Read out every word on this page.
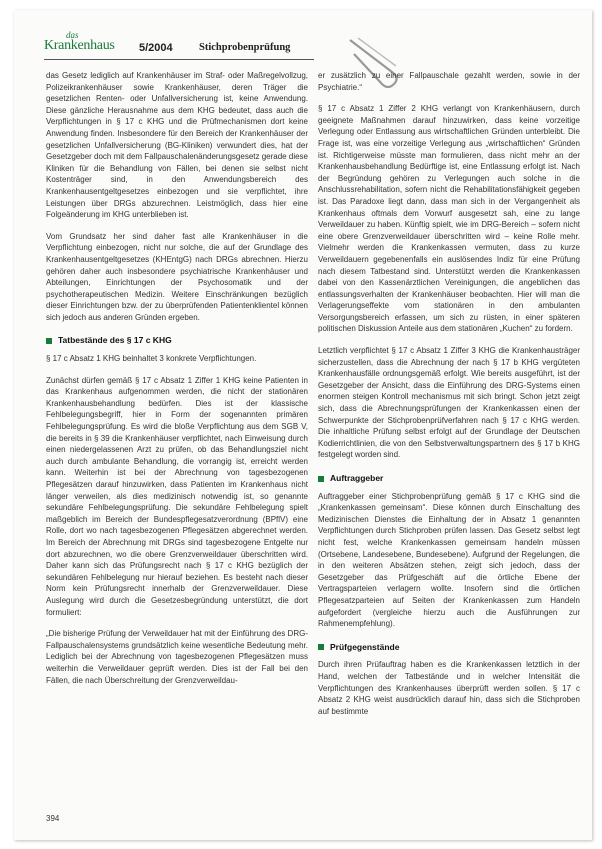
das
Krankenhaus 5/2004	Stichprobenprüfung

das Gesetz lediglich auf Krankenhäuser im Straf- oder Maßregelvollzug, Polizeikrankenhäuser sowie Krankenhäuser, deren Träger die gesetzlichen Renten- oder Unfallversicherung ist, keine Anwendung. Diese gänzliche Herausnahme aus dem KHG bedeutet, dass auch die Verpflichtungen in § 17 c KHG und die Prüfmechanismen dort keine Anwendung finden. Insbesondere für den Bereich der Krankenhäuser der gesetzlichen Unfallversicherung (BG-Kliniken) verwundert dies, hat der Gesetzgeber doch mit dem Fallpauschalenänderungsgesetz gerade diese Kliniken für die Behandlung von Fällen, bei denen sie selbst nicht Kostenträger sind, in den Anwendungsbereich des Krankenhausentgeltgesetzes einbezogen und sie verpflichtet, ihre Leistungen über DRGs abzurechnen. Leistmöglich, dass hier eine Folgeänderung im KHG unterblieben ist.

Vom Grundsatz her sind daher fast alle Krankenhäuser in die Verpflichtung einbezogen, nicht nur solche, die auf der Grundlage des Krankenhausentgeltgesetzes (KHEntgG) nach DRGs abrechnen. Hierzu gehören daher auch insbesondere psychiatrische Krankenhäuser und Abteilungen, Einrichtungen der Psychosomatik und der psychotherapeutischen Medizin. Weitere Einschränkungen bezüglich dieser Einrichtungen bzw. der zu überprüfenden Patientenklientel können sich jedoch aus anderen Gründen ergeben.

Tatbestände des § 17 c KHG

§ 17 c Absatz 1 KHG beinhaltet 3 konkrete Verpflichtungen.

Zunächst dürfen gemäß § 17 c Absatz 1 Ziffer 1 KHG keine Patienten in das Krankenhaus aufgenommen werden, die nicht der stationären Krankenhausbehandlung bedürfen. Dies ist der klassische Fehlbelegungsbegriff, hier in Form der sogenannten primären Fehlbelegungsprüfung. Es wird die bloße Verpflichtung aus dem SGB V, die bereits in § 39 die Krankenhäuser verpflichtet, nach Einweisung durch einen niedergelassenen Arzt zu prüfen, ob das Behandlungsziel nicht auch durch ambulante Behandlung, die vorrangig ist, erreicht werden kann. Weiterhin ist bei der Abrechnung von tagesbezogenen Pflegesätzen darauf hinzuwirken, dass Patienten im Krankenhaus nicht länger verweilen, als dies medizinisch notwendig ist, so genannte sekundäre Fehlbelegungsprüfung. Die sekundäre Fehlbelegung spielt maßgeblich im Bereich der Bundespflegesatzverordnung (BPflV) eine Rolle, dort wo nach tagesbezogenen Pflegesätzen abgerechnet werden. Im Bereich der Abrechnung mit DRGs sind tagesbezogene Entgelte nur dort abzurechnen, wo die obere Grenzverweildauer überschritten wird. Daher kann sich das Prüfungsrecht nach § 17 c KHG bezüglich der sekundären Fehlbelegung nur hierauf beziehen. Es besteht nach dieser Norm kein Prüfungsrecht innerhalb der Grenzverweildauer. Diese Auslegung wird durch die Gesetzesbegründung unterstützt, die dort formuliert:

„Die bisherige Prüfung der Verweildauer hat mit der Einführung des DRG-Fallpauschalensystems grundsätzlich keine wesentliche Bedeutung mehr. Lediglich bei der Abrechnung von tagesbezogenen Pflegesätzen muss weiterhin die Verweildauer geprüft werden. Dies ist der Fall bei den Fällen, die nach Überschreitung der Grenzverweildau-

er zusätzlich zu einer Fallpauschale gezahlt werden, sowie in der Psychiatrie.“

§ 17 c Absatz 1 Ziffer 2 KHG verlangt von Krankenhäusern, durch geeignete Maßnahmen darauf hinzuwirken, dass keine vorzeitige Verlegung oder Entlassung aus wirtschaftlichen Gründen unterbleibt. Die Frage ist, was eine vorzeitige Verlegung aus „wirtschaftlichen“ Gründen ist. Richtigerweise müsste man formulieren, dass nicht mehr an der Krankenhausbehandlung Bedürftige ist, eine Entlassung erfolgt ist. Nach der Begründung gehören zu Verlegungen auch solche in die Anschlussrehabilitation, sofern nicht die Rehabilitationsfähigkeit gegeben ist. Das Paradoxe liegt dann, dass man sich in der Vergangenheit als Krankenhaus oftmals dem Vorwurf ausgesetzt sah, eine zu lange Verweildauer zu haben. Künftig spielt, wie im DRG-Bereich – sofern nicht eine obere Grenzverweildauer überschritten wird – keine Rolle mehr. Vielmehr werden die Krankenkassen vermuten, dass zu kurze Verweildauern gegebenenfalls ein auslösendes Indiz für eine Prüfung nach diesem Tatbestand sind. Unterstützt werden die Krankenkassen dabei von den Kassenärztlichen Vereinigungen, die angeblichen das entlassungsverhalten der Krankenhäuser beobachten. Hier will man die Verlagerungseffekte vom stationären in den ambulanten Versorgungsbereich erfassen, um sich zu rüsten, in einer späteren politischen Diskussion Anteile aus dem stationären „Kuchen“ zu fordern.

Letztlich verpflichtet § 17 c Absatz 1 Ziffer 3 KHG die Krankenhausträger sicherzustellen, dass die Abrechnung der nach § 17 b KHG vergüteten Krankenhausfälle ordnungsgemäß erfolgt. Wie bereits ausgeführt, ist der Gesetzgeber der Ansicht, dass die Einführung des DRG-Systems einen enormen steigen Kontroll mechanismus mit sich bringt. Schon jetzt zeigt sich, dass die Abrechnungsprüfungen der Krankenkassen einen der Schwerpunkte der Stichprobenprüfverfahren nach § 17 c KHG werden. Die inhaltliche Prüfung selbst erfolgt auf der Grundlage der Deutschen Kodierrichtlinien, die von den Selbstverwaltungspartnern des § 17 b KHG festgelegt worden sind.

Auftraggeber

Auftraggeber einer Stichprobenprüfung gemäß § 17 c KHG sind die „Krankenkassen gemeinsam“. Diese können durch Einschaltung des Medizinischen Dienstes die Einhaltung der in Absatz 1 genannten Verpflichtungen durch Stichproben prüfen lassen. Das Gesetz selbst legt nicht fest, welche Krankenkassen gemeinsam handeln müssen (Ortsebene, Landesebene, Bundesebene). Aufgrund der Regelungen, die in den weiteren Absätzen stehen, zeigt sich jedoch, dass der Gesetzgeber das Prüfgeschäft auf die örtliche Ebene der Vertragsparteien verlagern wollte. Insofern sind die örtlichen Pflegesatzparteien auf Seiten der Krankenkassen zum Handeln aufgefordert (vergleiche hierzu auch die Ausführungen zur Rahmenempfehlung).

Prüfgegenstände

Durch ihren Prüfauftrag haben es die Krankenkassen letztlich in der Hand, welchen der Tatbestände und in welcher Intensität die Verpflichtungen des Krankenhauses überprüft werden sollen. § 17 c Absatz 2 KHG weist ausdrücklich darauf hin, dass sich die Stichproben auf bestimmte

394
